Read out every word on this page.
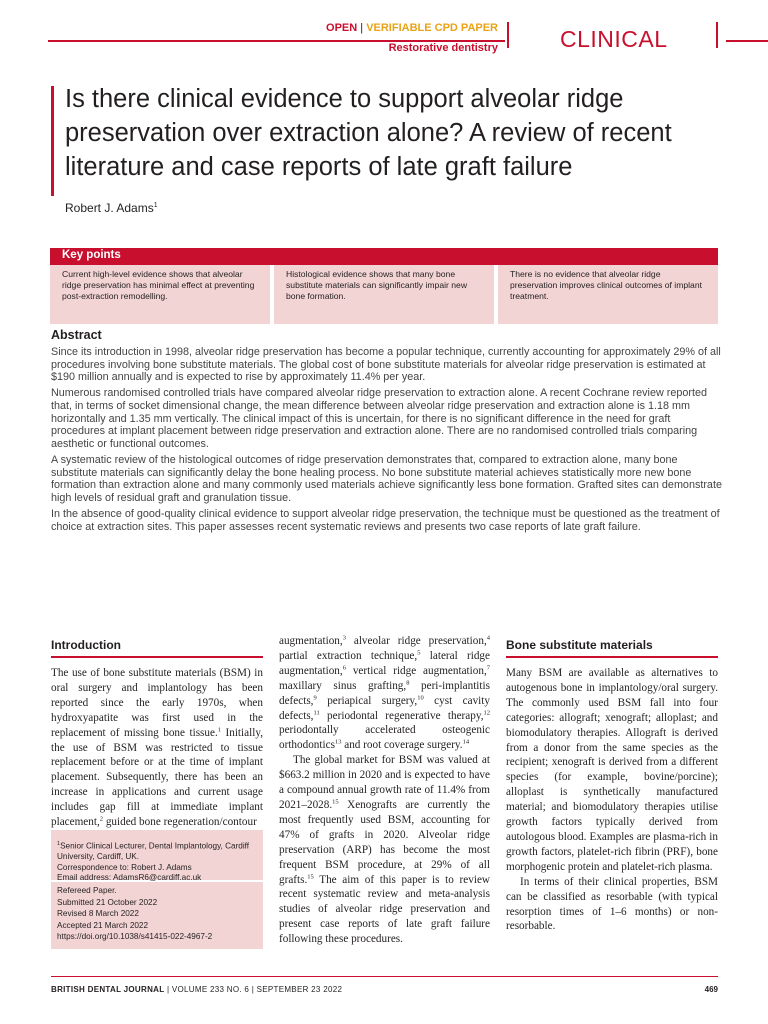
OPEN | VERIFIABLE CPD PAPER
Restorative dentistry	CLINICAL
Is there clinical evidence to support alveolar ridge preservation over extraction alone? A review of recent literature and case reports of late graft failure
Robert J. Adams$^1$
Key points
Current high-level evidence shows that alveolar ridge preservation has minimal effect at preventing post-extraction remodelling.
Histological evidence shows that many bone substitute materials can significantly impair new bone formation.
There is no evidence that alveolar ridge preservation improves clinical outcomes of implant treatment.
Abstract

Since its introduction in 1998, alveolar ridge preservation has become a popular technique, currently accounting for approximately 29% of all procedures involving bone substitute materials. The global cost of bone substitute materials for alveolar ridge preservation is estimated at $190 million annually and is expected to rise by approximately 11.4% per year.

Numerous randomised controlled trials have compared alveolar ridge preservation to extraction alone. A recent Cochrane review reported that, in terms of socket dimensional change, the mean difference between alveolar ridge preservation and extraction alone is 1.18 mm horizontally and 1.35 mm vertically. The clinical impact of this is uncertain, for there is no significant difference in the need for graft procedures at implant placement between ridge preservation and extraction alone. There are no randomised controlled trials comparing aesthetic or functional outcomes.

A systematic review of the histological outcomes of ridge preservation demonstrates that, compared to extraction alone, many bone substitute materials can significantly delay the bone healing process. No bone substitute material achieves statistically more new bone formation than extraction alone and many commonly used materials achieve significantly less bone formation. Grafted sites can demonstrate high levels of residual graft and granulation tissue.

In the absence of good-quality clinical evidence to support alveolar ridge preservation, the technique must be questioned as the treatment of choice at extraction sites. This paper assesses recent systematic reviews and presents two case reports of late graft failure.

Introduction

The use of bone substitute materials (BSM) in oral surgery and implantology has been reported since the early 1970s, when hydroxyapatite was first used in the replacement of missing bone tissue.$^1$ Initially, the use of BSM was restricted to tissue replacement before or at the time of implant placement. Subsequently, there has been an increase in applications and current usage includes gap fill at immediate implant placement,$^2$ guided bone regeneration/contour

$^1$Senior Clinical Lecturer, Dental Implantology, Cardiff University, Cardiff, UK.
Correspondence to: Robert J. Adams
Email address: AdamsR6@cardiff.ac.uk
Refereed Paper.
Submitted 21 October 2022
Revised 8 March 2022
Accepted 21 March 2022
https://doi.org/10.1038/s41415-022-4967-2

augmentation,$^3$ alveolar ridge preservation,$^4$ partial extraction technique,$^5$ lateral ridge augmentation,$^6$ vertical ridge augmentation,$^7$ maxillary sinus grafting,$^8$ peri-implantitis defects,$^9$ periapical surgery,$^{10}$ cyst cavity defects,$^{11}$ periodontal regenerative therapy,$^{12}$ periodontally accelerated osteogenic orthodontics$^{13}$ and root coverage surgery.$^{14}$

The global market for BSM was valued at $663.2 million in 2020 and is expected to have a compound annual growth rate of 11.4% from 2021–2028.15 Xenografts are currently the most frequently used BSM, accounting for 47% of grafts in 2020. Alveolar ridge preservation (ARP) has become the most frequent BSM procedure, at 29% of all grafts.$^{15}$ The aim of this paper is to review recent systematic review and meta-analysis studies of alveolar ridge preservation and present case reports of late graft failure following these procedures.

Bone substitute materials

Many BSM are available as alternatives to autogenous bone in implantology/oral surgery. The commonly used BSM fall into four categories: allograft; xenograft; alloplast; and biomodulatory therapies. Allograft is derived from a donor from the same species as the recipient; xenograft is derived from a different species (for example, bovine/porcine); alloplast is synthetically manufactured material; and biomodulatory therapies utilise growth factors typically derived from autologous blood. Examples are plasma-rich in growth factors, platelet-rich fibrin (PRF), bone morphogenic protein and platelet-rich plasma.

In terms of their clinical properties, BSM can be classified as resorbable (with typical resorption times of 1–6 months) or non-resorbable.

BRITISH DENTAL JOURNAL | VOLUME 233 NO. 6 | SEPTEMBER 23 2022	469
